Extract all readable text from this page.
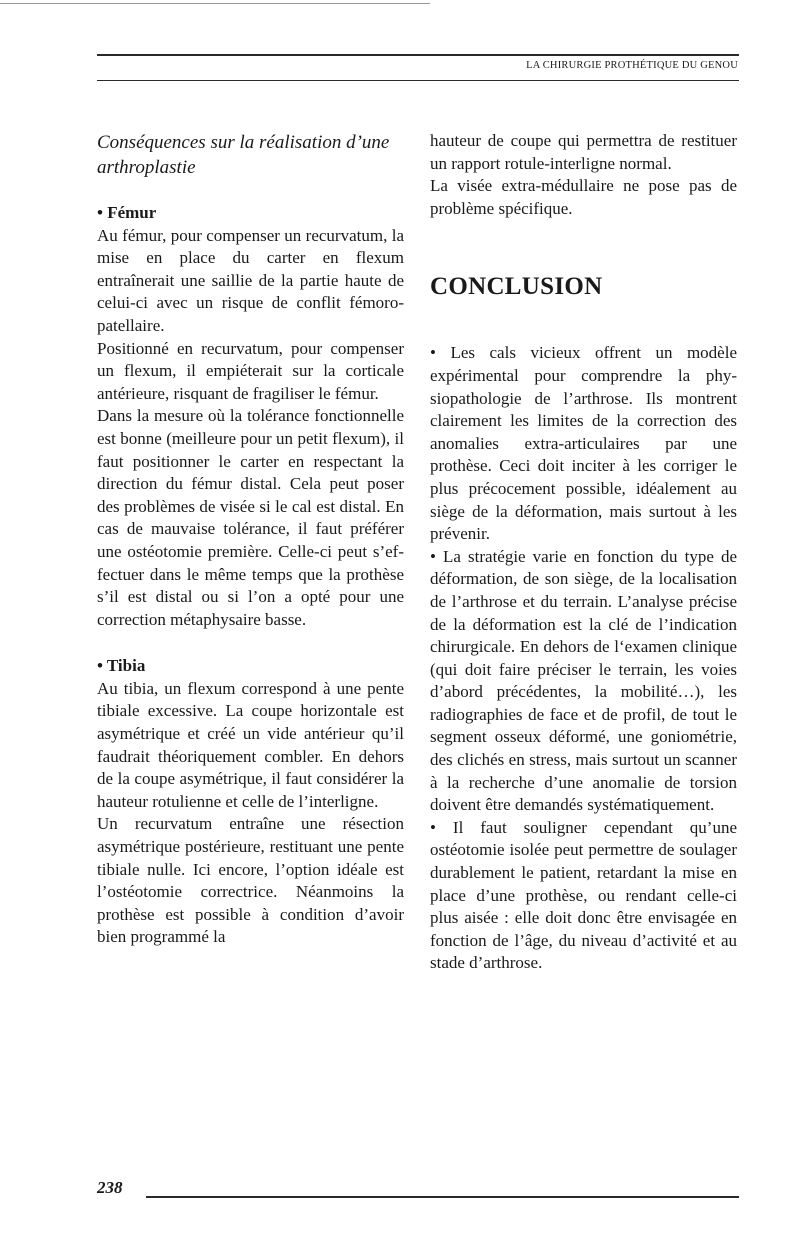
LA CHIRURGIE PROTHÉTIQUE DU GENOU
Conséquences sur la réalisation d’une arthroplastie
• Fémur

Au fémur, pour compenser un recurvatum, la mise en place du carter en flexum entraînerait une saillie de la partie haute de celui-ci avec un risque de conflit fémoro-patellaire.

Positionné en recurvatum, pour compenser un flexum, il empiéterait sur la corticale antérieure, risquant de fragiliser le fémur.

Dans la mesure où la tolérance fonctionnelle est bonne (meilleure pour un petit flexum), il faut positionner le carter en respectant la direction du fémur distal. Cela peut poser des problèmes de visée si le cal est distal. En cas de mauvaise tolérance, il faut préférer une ostéotomie première. Celle-ci peut s’effectuer dans le même temps que la prothèse s’il est distal ou si l’on a opté pour une correction métaphysaire basse.

• Tibia

Au tibia, un flexum correspond à une pente tibiale excessive. La coupe horizontale est asymétrique et créé un vide antérieur qu’il faudrait théoriquement combler. En dehors de la coupe asymétrique, il faut considérer la hauteur rotulienne et celle de l’interligne.

Un recurvatum entraîne une résection asymétrique postérieure, restituant une pente tibiale nulle. Ici encore, l’option idéale est l’ostéotomie correctrice. Néanmoins la prothèse est possible à condition d’avoir bien programmé la

hauteur de coupe qui permettra de restituer un rapport rotule-interligne normal.

La visée extra-médullaire ne pose pas de problème spécifique.

CONCLUSION

• Les cals vicieux offrent un modèle expérimental pour comprendre la physiopathologie de l’arthrose. Ils montrent clairement les limites de la correction des anomalies extra-articulaires par une prothèse. Ceci doit inciter à les corriger le plus précocement possible, idéalement au siège de la déformation, mais surtout à les prévenir.

• La stratégie varie en fonction du type de déformation, de son siège, de la localisation de l’arthrose et du terrain. L’analyse précise de la déformation est la clé de l’indication chirurgicale. En dehors de l‘examen clinique (qui doit faire préciser le terrain, les voies d’abord précédentes, la mobilité…), les radiographies de face et de profil, de tout le segment osseux déformé, une goniométrie, des clichés en stress, mais surtout un scanner à la recherche d’une anomalie de torsion doivent être demandés systématiquement.

• Il faut souligner cependant qu’une ostéotomie isolée peut permettre de soulager durablement le patient, retardant la mise en place d’une prothèse, ou rendant celle-ci plus aisée : elle doit donc être envisagée en fonction de l’âge, du niveau d’activité et au stade d’arthrose.

238
